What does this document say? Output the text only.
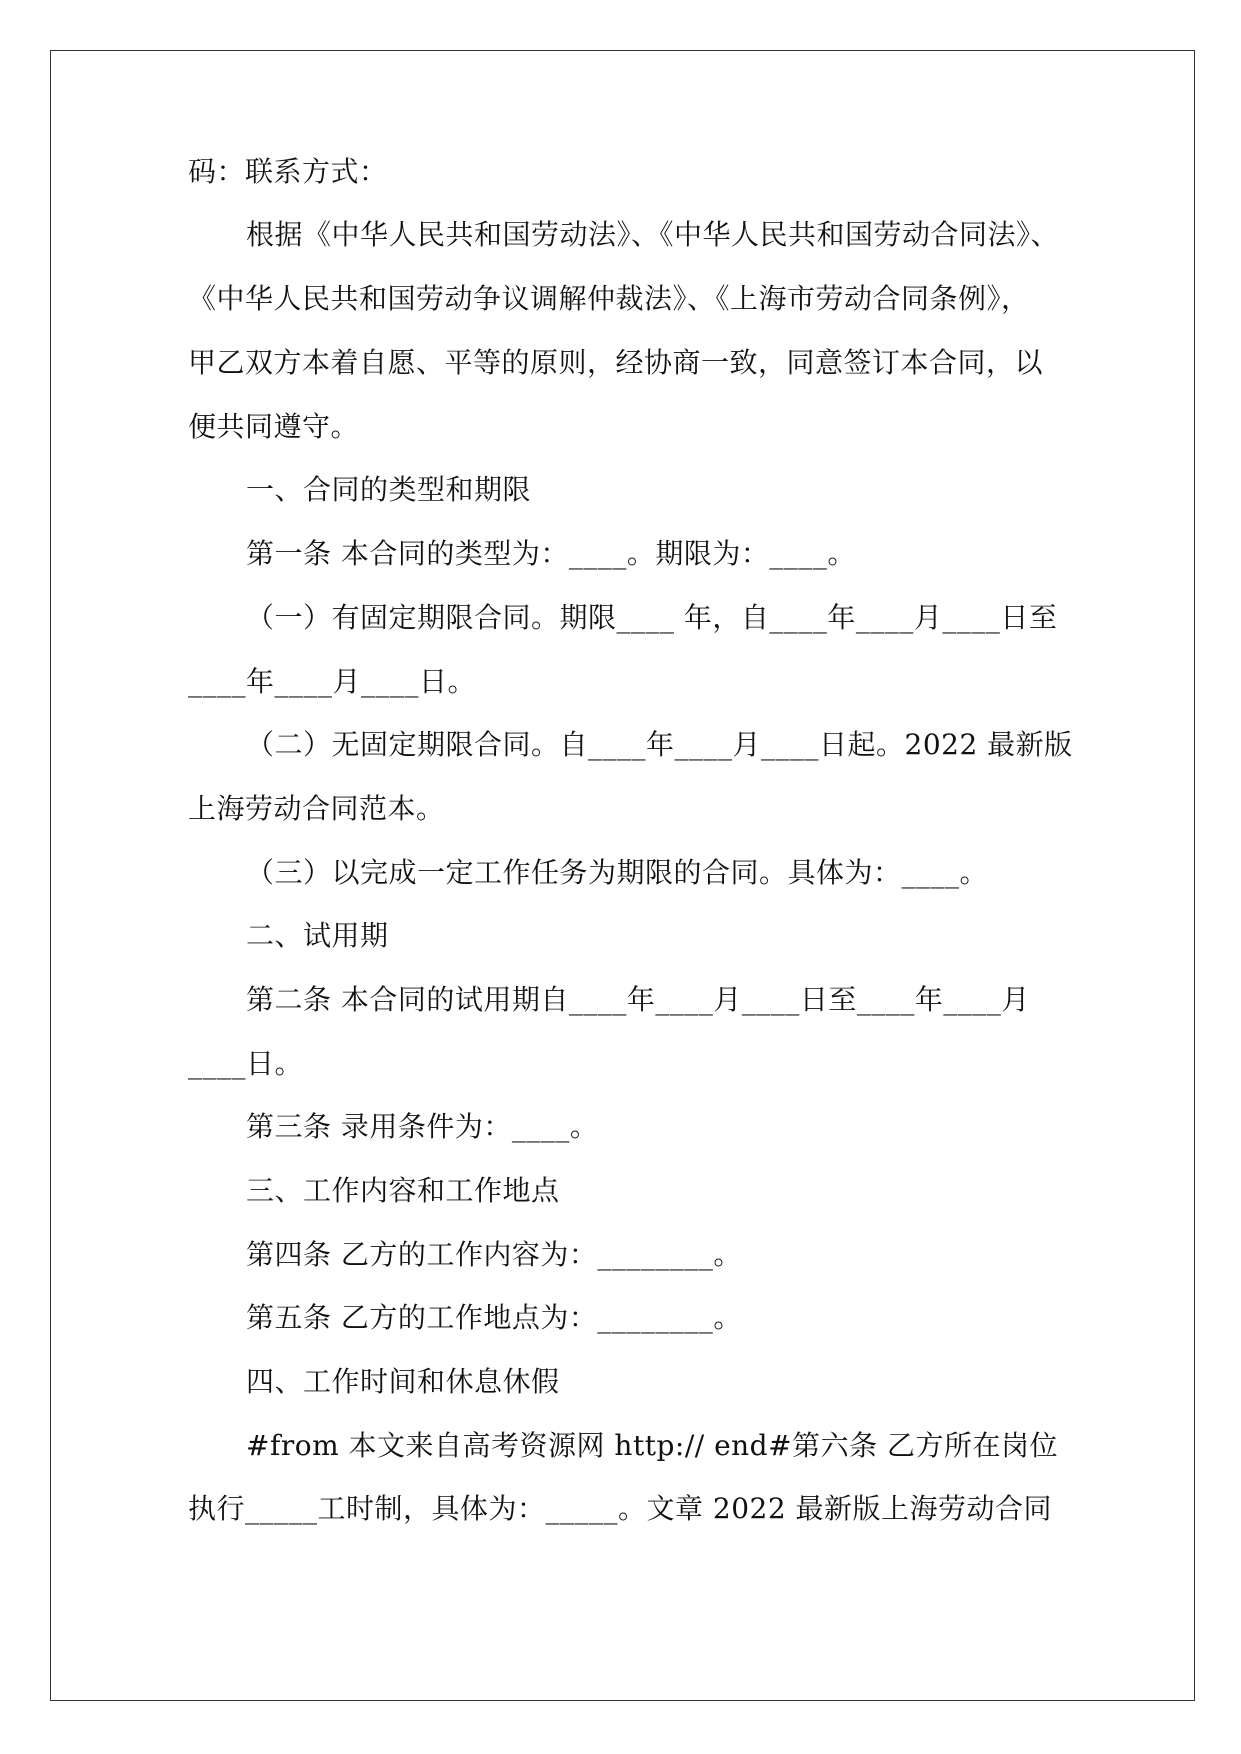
码：联系方式：
根据《中华人民共和国劳动法》、《中华人民共和国劳动合同法》、
《中华人民共和国劳动争议调解仲裁法》、《上海市劳动合同条例》，
甲乙双方本着自愿、平等的原则，经协商一致，同意签订本合同，以
便共同遵守。
一、合同的类型和期限
第一条 本合同的类型为：____。期限为：____。
（一）有固定期限合同。期限____ 年，自____年____月____日至
____年____月____日。
（二）无固定期限合同。自____年____月____日起。2022 最新版
上海劳动合同范本。
（三）以完成一定工作任务为期限的合同。具体为：____。
二、试用期
第二条 本合同的试用期自____年____月____日至____年____月
____日。
第三条 录用条件为：____。
三、工作内容和工作地点
第四条 乙方的工作内容为：________。
第五条 乙方的工作地点为：________。
四、工作时间和休息休假
#from 本文来自高考资源网 http:// end#第六条 乙方所在岗位
执行_____工时制，具体为：_____。文章 2022 最新版上海劳动合同
